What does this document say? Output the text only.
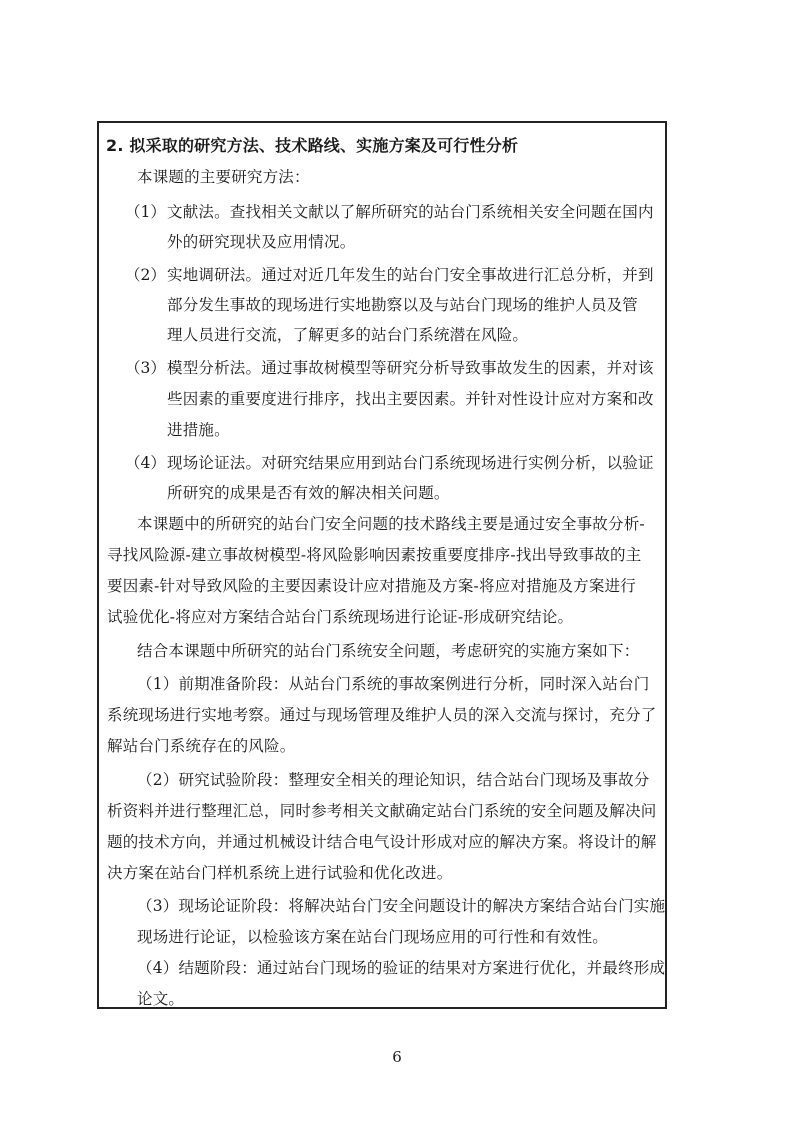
2. 拟采取的研究方法、技术路线、实施方案及可行性分析
本课题的主要研究方法：
（1） 文献法。查找相关文献以了解所研究的站台门系统相关安全问题在国内
外的研究现状及应用情况。
（2） 实地调研法。通过对近几年发生的站台门安全事故进行汇总分析，并到
部分发生事故的现场进行实地勘察以及与站台门现场的维护人员及管
理人员进行交流，了解更多的站台门系统潜在风险。
（3） 模型分析法。通过事故树模型等研究分析导致事故发生的因素，并对该
些因素的重要度进行排序，找出主要因素。并针对性设计应对方案和改
进措施。
（4） 现场论证法。对研究结果应用到站台门系统现场进行实例分析，以验证
所研究的成果是否有效的解决相关问题。
本课题中的所研究的站台门安全问题的技术路线主要是通过安全事故分析-
寻找风险源-建立事故树模型-将风险影响因素按重要度排序-找出导致事故的主
要因素-针对导致风险的主要因素设计应对措施及方案-将应对措施及方案进行
试验优化-将应对方案结合站台门系统现场进行论证-形成研究结论。
结合本课题中所研究的站台门系统安全问题，考虑研究的实施方案如下：
（1）前期准备阶段：从站台门系统的事故案例进行分析，同时深入站台门
系统现场进行实地考察。通过与现场管理及维护人员的深入交流与探讨，充分了
解站台门系统存在的风险。
（2）研究试验阶段：整理安全相关的理论知识，结合站台门现场及事故分
析资料并进行整理汇总，同时参考相关文献确定站台门系统的安全问题及解决问
题的技术方向，并通过机械设计结合电气设计形成对应的解决方案。将设计的解
决方案在站台门样机系统上进行试验和优化改进。
（3）现场论证阶段：将解决站台门安全问题设计的解决方案结合站台门实施
现场进行论证，以检验该方案在站台门现场应用的可行性和有效性。
（4）结题阶段：通过站台门现场的验证的结果对方案进行优化，并最终形成
论文。
6
